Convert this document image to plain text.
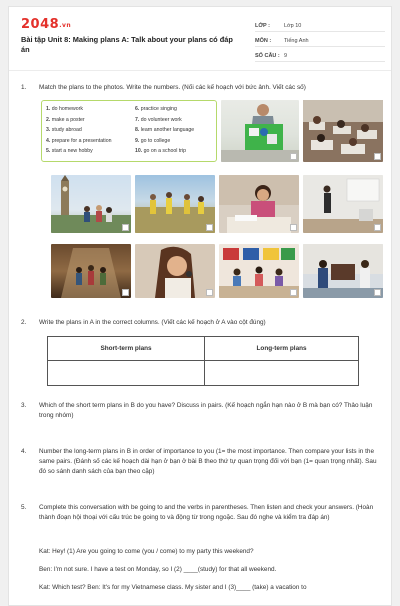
2048.vn
Bài tập Unit 8: Making plans A: Talk about your plans có đáp án
LỚP :	Lớp 10
MÔN :	Tiếng Anh
SỐ CÂU : 9
1. Match the plans to the photos. Write the numbers. (Nối các kế hoạch với bức ảnh. Viết các số)
1. do homework	6. practice singing
2. make a poster	7. do volunteer work
3. study abroad	8. learn another language
4. prepare for a presentation	9. go to college
5. start a new hobby	10. go on a school trip
2. Write the plans in A in the correct columns. (Viết các kế hoạch ở A vào cột đúng)
Short-term plans	Long-term plans

3. Which of the short term plans in B do you have? Discuss in pairs. (Kế hoạch ngắn hạn nào ở B mà bạn có? Thảo luận trong nhóm)
4. Number the long-term plans in B in order of importance to you (1= the most importance. Then compare your lists in the same pairs. (Đánh số các kế hoạch dài hạn ở bạn ở bài B theo thứ tự quan trọng đối với bạn (1= quan trọng nhất). Sau đó so sánh danh sách của bạn theo cặp)
5. Complete this conversation with be going to and the verbs in parentheses. Then listen and check your answers. (Hoàn thành đoạn hội thoại với cấu trúc be going to và động từ trong ngoặc. Sau đó nghe và kiểm tra đáp án)
Kat: Hey! (1) Are you going to come (you / come) to my party this weekend?
Ben: I'm not sure. I have a test on Monday, so I (2) ____(study) for that all weekend.
Kat: Which test? Ben: It's for my Vietnamese class. My sister and I (3)____ (take) a vacation to
